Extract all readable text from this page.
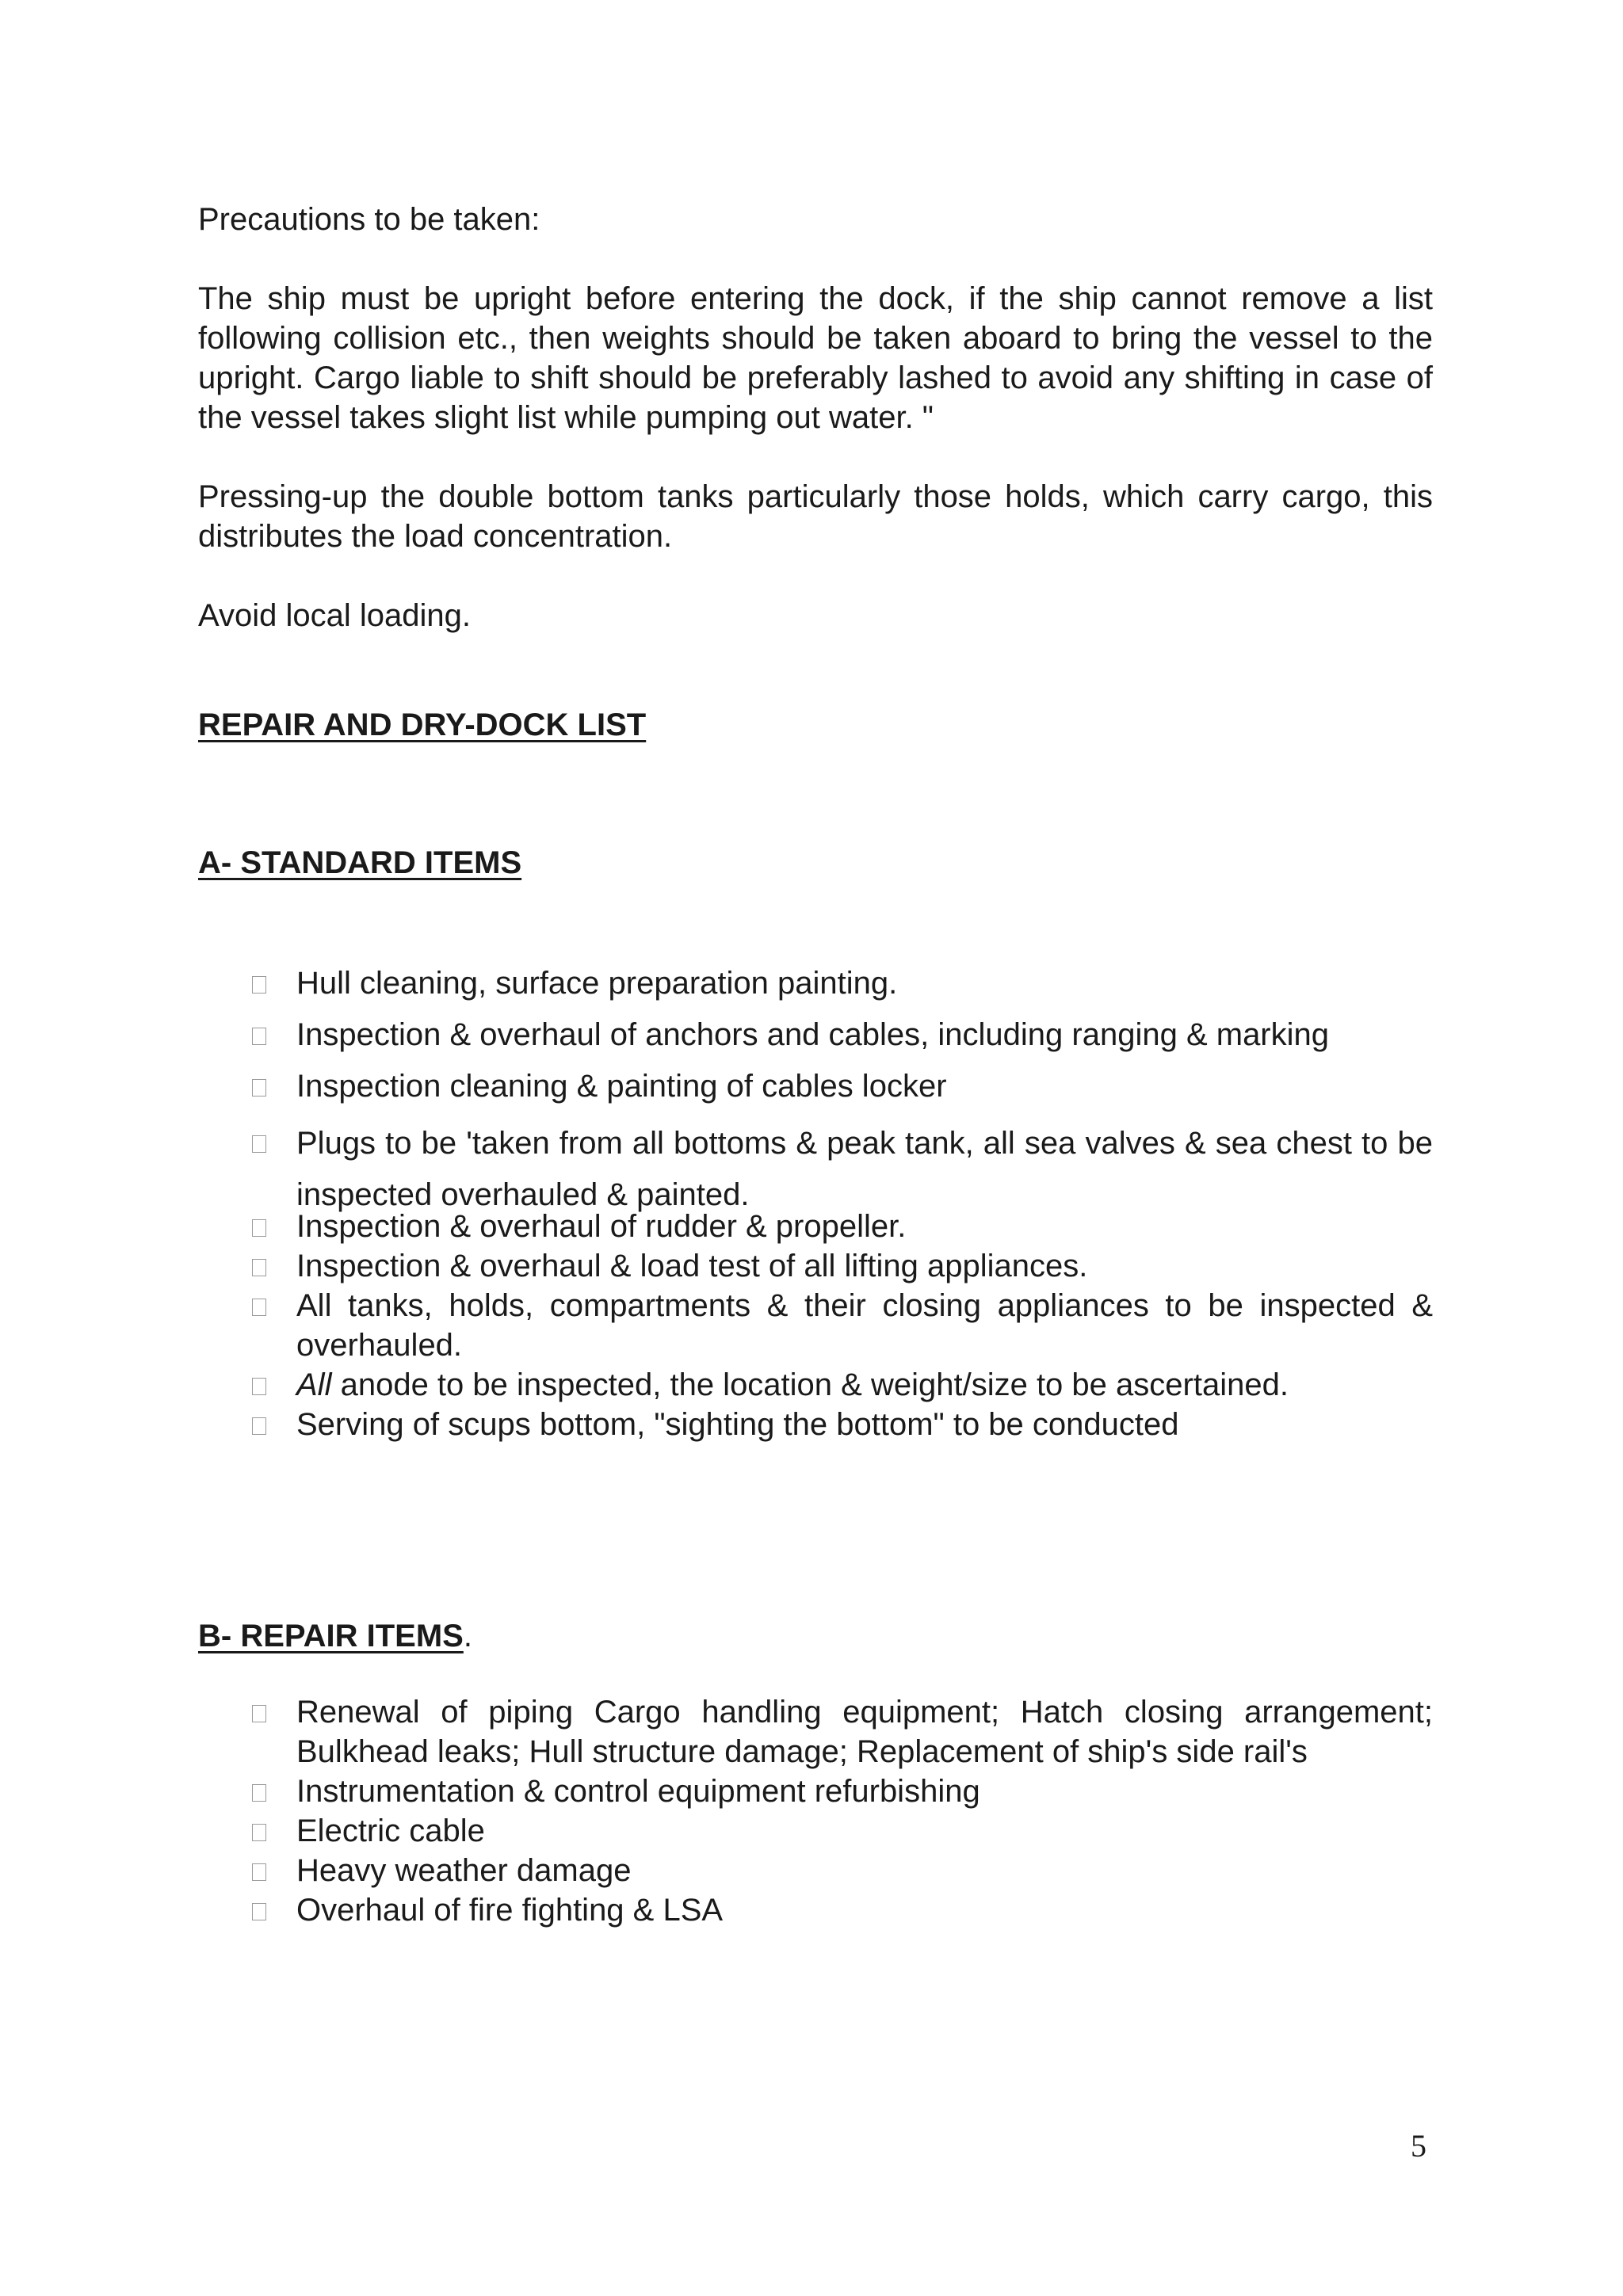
Precautions to be taken:

The ship must be upright before entering the dock, if the ship cannot remove a list following collision etc., then weights should be taken aboard to bring the vessel to the upright. Cargo liable to shift should be preferably lashed to avoid any shifting in case of the vessel takes slight list while pumping out water. "

Pressing-up the double bottom tanks particularly those holds, which carry cargo, this distributes the load concentration.

Avoid local loading.

REPAIR AND DRY-DOCK LIST

A- STANDARD ITEMS

Hull cleaning, surface preparation painting.
Inspection & overhaul of anchors and cables, including ranging & marking
Inspection cleaning & painting of cables locker
Plugs to be 'taken from all bottoms & peak tank, all sea valves & sea chest to be inspected overhauled & painted.
Inspection & overhaul of rudder & propeller.
Inspection & overhaul & load test of all lifting appliances.
All tanks, holds, compartments & their closing appliances to be inspected & overhauled.
All anode to be inspected, the location & weight/size to be ascertained.
Serving of scups bottom, "sighting the bottom" to be conducted

B- REPAIR ITEMS.

Renewal of piping Cargo handling equipment; Hatch closing arrangement; Bulkhead leaks; Hull structure damage; Replacement of ship's side rail's
Instrumentation & control equipment refurbishing
Electric cable
Heavy weather damage
Overhaul of fire fighting & LSA
5
